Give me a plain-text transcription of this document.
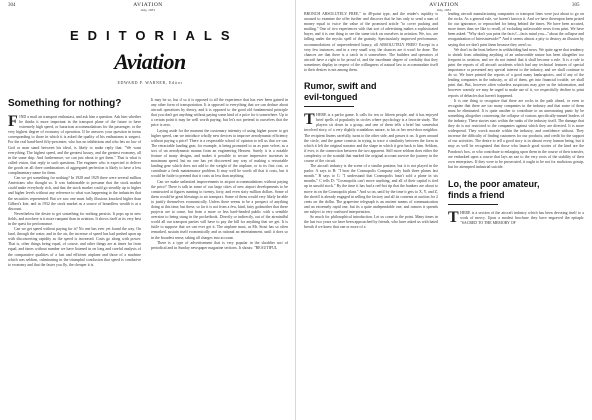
304	AVIATION
July, 1931
EDITORIALS
Aviation
EDWARD P. WARNER, Editor
Something for nothing?

FIND a mail air transport enthusiast, and ask him a question. Ask him whether he thinks it more important in the transport plane of the future to have extremely high speed, or luxurious accommodations for the passenger, or the very highest degree of economy of operation. If he answers your question in terms corresponding to those in which it is asked the quality of his enthusiasm is suspect. For the real hand-bred fifty-percenter, who has no inhibitions and who lets no law of God or man stand between his ideal, is likely to make reply that: "We want everything. The highest speed, and the greatest luxury, and the greatest economy, all in the same ship. And furthermore, we can just about to get them." That is what is called vision, that reply to such questions. The engineer who is expected to deliver the goods on all three combinations of aggregated perfection is likely to have a less complimentary name for them.

Can we get something for nothing? In 1928 and 1929 there were several million Americans who thought so. It was fashionable to presume that the stock market could make everybody rich, and that the stock market could go steadily up to higher and higher levels without any reference to what was happening to the industries that the securities represented. But we saw one must fully illusions knocked higher than Gilbert's kite, and in 1932 the stock market as a source of boundless wealth is at a discount.

Nevertheless the desire to get something for nothing persists. It pops up in new fields, and nowhere is it more rampant than in aviation. It shows itself at its very best in the quest for performance.

Can we get speed without paying for it? No one has ever yet found the way. On land, through the water, and in the air, the increase of speed has had pushed upon up with disconcerting rapidity as the speed is increased. Costs go along with power. That is, other things being equal, of course, and other things are at times far from equal, and times without number we have listened in on long and careful analysis of the comparative qualities of a fast and efficient airplane and those of a machine which was seldom, culminating in the triumphal conclusion that speed is conducive to economy and that the faster you fly, the cheaper it is.

It may be so, but if so it is opposed to all the experience that has ever been gained in any other form of transportation. It is opposed to everything that we can deduce about aircraft operations by theory, and it is opposed to the good old fundamental principle that you don't get anything without paying some kind of a price for it somewhere. Up to a certain point it may be well worth paying, but let's not pretend to ourselves that the price is zero.

Laying aside for the moment the customary intensity of using higher power to get higher speed, can we introduce wholly new devices to improve aerodynamic efficiency without paying a price? There is a respectable school of opinion to tell us that we can. The retractable landing gear, for example, is being promoted to us as pure velvet, as a sort of un aerodynamic manna from an engineering Heaven. Surely it is a notable feature of many designs, and makes it possible to secure impressive increases in maximum speed, but no one has yet discovered any way of making a retractable landing gear which does not add to the weight of the airplane, or to its first cost, or contribute a fresh maintenance problem. It may well be worth all that it costs, but it would be futile to pretend that it costs us less than anything.

Can we make unlimited improvements in airport accommodations without paying the price? There is talk in some of our large cities of new airport developments to be constructed at figures running to twenty, forty, and even sixty million dollars. Some of them would be great blessings to air transport. Some of them would very likely be able to justify themselves economically. Unless there seems to be a prospect of anything doing at this time, but these, so far it is not from a few, kind, fairy godmother that these projects are to come, but from a more or less hard-headed public with a sensible aversion to being stung in the pocketbook. Directly or indirectly, out of the airmindful world all our transport parties will have to pay the bill for anything that we get. It is futile to suppose that we can ever get it. The airplane must, as Mr. Stout has so often remarked, sustain itself economically and as rational an entertainment, until it does so in the broadest sense, taking all charges into account.

There is a type of advertisement that is very popular in the shoddier sort of periodical and in Sunday newspaper magazine sections. It shouts: "BEAUTIFUL

AVIATION
July, 1931
305

BRONCH ABSOLUTELY FREE," in 48-point type, and the reader's cupidity is aroused to examine the offer further and discover that he has only to send a sum of money equal to twice the value of the promised article "to cover packing and mailing." One of two experiences with that sort of advertising makes a sophisticated buyer, and it is one thing to see the same trick on ourselves in aviation. We, too, are falling under the mystic spell of the gratuity. Spectacularly improved performance, accommodations of unprecedented luxury, all ABSOLUTELY FREE? Except in a very few instances, and in a very small way, the chances are it won't be done. The chances are that there is a catch in it somewhere. The builders and operators of aircraft have a right to be proud of, and the inordinate degree of credulity that they sometimes display in respect of the willingness of natural law to accommodate itself to their desires is not among them.

Rumor, swift and
evil-tongued

THERE is a parlor game. It calls for ten or fifteen people, and it has enjoyed brief spells of popularity in circles where psychology is a favorite study. The players sit down in a group, and one of them tells a brief but somewhat involved story, of a very slightly scandalous nature, to his or her next-door neighbor. The recipient listens carefully, turns to the other side, and passes it on. It goes around the circle, and the game consists in trying to trace a similarity between the form in which it left the original narrator and the shape in which it gets back to him. Seldom, if ever, is the connection between the two apparent. Still more seldom does either the complexity or the scandal that marked the original account survive the journey in the course of the circuit.

The aircraft industry is the scene of a similar pastime, but it is not played in the parlor. A says to B: "I hear the Cosmopolis Company only built three planes last month." B says to C: "I understand that Cosmopolis hasn't sold a plane in six months." C tells D: "Cosmopolis can't move anything, and all of their capital is tied up in unsold stock." By the time it has had a red-hot tip that the bankers are about to move in on the Cosmopolis plant." And so on, until by the time it gets to X, Y, and Z, the sheriff is already engaged in selling the factory and all its contents at auction for 2 cents on the dollar. The grapevine telegraph is an ancient means of communication and an extremely rapid one, but its a quite undependable one, and rumors it spreads are subject to very confused interpretation.

So much for philosophical introduction. Let us come to the point. Many times in the last two years we have been approached by friends, who have asked us with bated breath if we knew that one or more of a

leading aircraft manufacturing companies or transport lines were just about to go on the rocks. As a general rule, we haven't known it. And we have thereupon been prized for our ignorance, or reproached for being behind the times. We have been accused, more times than we like to recall, of excluding unfavorable news from print. We have been asked: "Why don't you print the facts?—facts mind you—"about the collapse and reorganization of Interstatewide?" And it seems almost a pity to destroy an illusion by saying that we don't print them because they aren't so.

We don't in the least believe in withholding bad news. We quite agree that tendency to shrink from admitting anything of an unfavorable nature has been altogether too frequent in aviation, and we do not intend that it shall become a rule. It is a rule to print the reports of all aircraft accidents which had any technical features of special importance or presented any special interest to the industry, and we shall continue to do so. We have printed the reports of a good many bankruptcies, and if any of the leading companies in the industry, or all of them, get into financial trouble, we shall print that. But, however often valueless suspicions may give us the information, and however warmly we may be urged to make use of it, we respectfully decline to print reports of debacles that haven't happened.

It is one thing to recognize that there are rocks in the path ahead, or even to recognize that there are too many companies in the industry and that some of them must be eliminated. It is quite another to contribute to an unreasoning panic by be something altogether concerning the collapse of various specifically-named leaders of the industry. These stories start within the ranks of the industry itself. The damage that they do is not restricted to the companies against which they are directed. It is more widespread. They wreck morale within the industry, and confidence without. They increase the difficulty of finding customers for our products, and credit for the support of our activities. The desire to tell a good story is in almost every human being, but it may as well be recognized that those who launch good stories of the kind are the Pandora's box, or who contribute to enlarging upon them in the course of their transfer, are embarked upon a course that lays an axe to the very roots of the stability of their own enterprises. If they were to be prosecuted, it ought to be not for malicious gossip, but for attempted industrial suicide.

Lo, the poor amateur,
finds a friend

THERE is a section of the aircraft industry which has been devoting itself to a work of mercy. Upon a modest brochure they have engraved the epitaph: "SACRED TO THE MEMORY OF
